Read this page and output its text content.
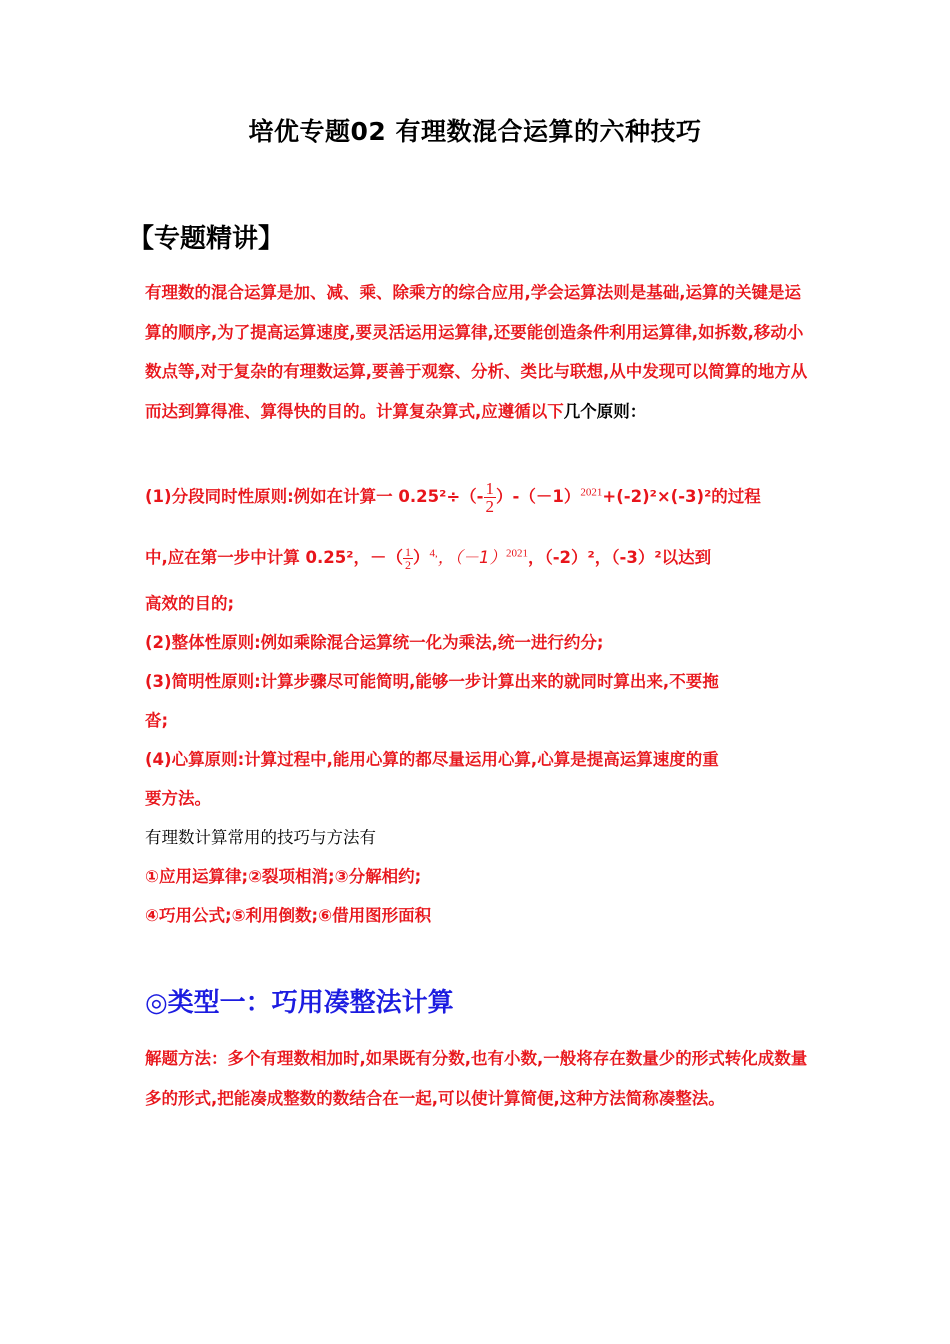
培优专题02 有理数混合运算的六种技巧
【专题精讲】
有理数的混合运算是加、减、乘、除乘方的综合应用,学会运算法则是基础,运算的关键是运算的顺序,为了提高运算速度,要灵活运用运算律,还要能创造条件利用运算律,如拆数,移动小数点等,对于复杂的有理数运算,要善于观察、分析、类比与联想,从中发现可以简算的地方从而达到算得准、算得快的目的。计算复杂算式,应遵循以下几个原则：
(1)分段同时性原则:例如在计算一 $0.25^2\div(- \frac{1}{2} )-(-1)^{2021}+(-2)^2\times(-3)^2$的过程
中,应在第一步中计算 0.25²，－（ $\frac{1}{2} )^{4,}$，$(-1)^{2021}$，（-2）²，（-3）²以达到
高效的目的;
(2)整体性原则:例如乘除混合运算统一化为乘法,统一进行约分;
(3)简明性原则:计算步骤尽可能简明,能够一步计算出来的就同时算出来,不要拖
沓;
(4)心算原则:计算过程中,能用心算的都尽量运用心算,心算是提高运算速度的重
要方法。
有理数计算常用的技巧与方法有
①应用运算律;②裂项相消;③分解相约;
④巧用公式;⑤利用倒数;⑥借用图形面积
◎类型一：巧用凑整法计算
解题方法：多个有理数相加时,如果既有分数,也有小数,一般将存在数量少的形式转化成数量多的形式,把能凑成整数的数结合在一起,可以使计算简便,这种方法简称凑整法。
